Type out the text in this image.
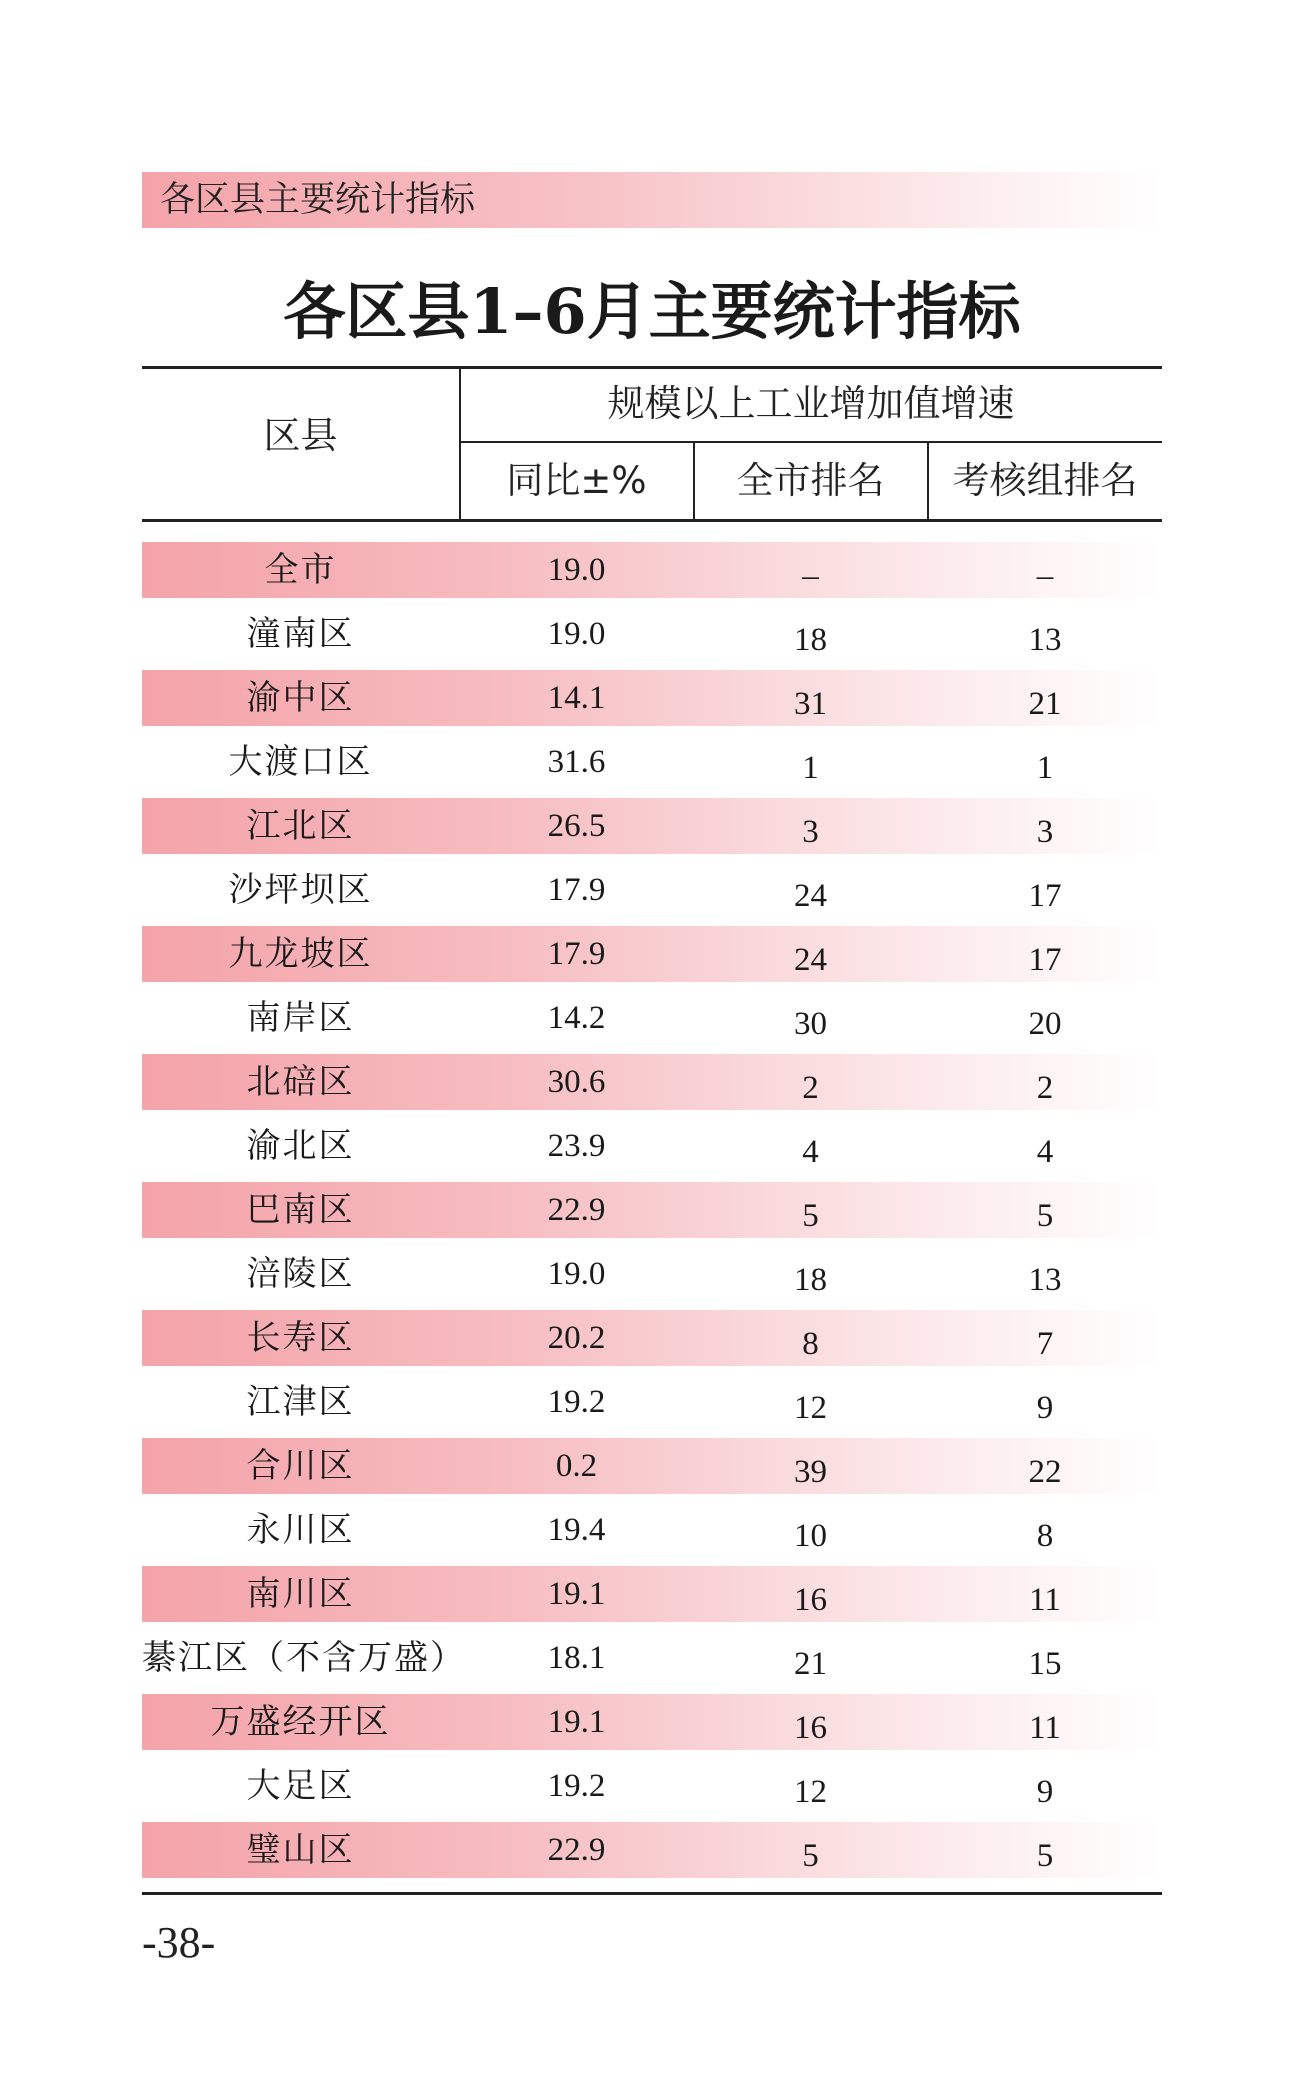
各区县主要统计指标
各区县1–6月主要统计指标
区县
规模以上工业增加值增速
同比±%	全市排名	考核组排名
全市	19.0	–	–
潼南区	19.0	18	13
渝中区	14.1	31	21
大渡口区	31.6	1	1
江北区	26.5	3	3
沙坪坝区	17.9	24	17
九龙坡区	17.9	24	17
南岸区	14.2	30	20
北碚区	30.6	2	2
渝北区	23.9	4	4
巴南区	22.9	5	5
涪陵区	19.0	18	13
长寿区	20.2	8	7
江津区	19.2	12	9
合川区	0.2	39	22
永川区	19.4	10	8
南川区	19.1	16	11
綦江区（不含万盛）	18.1	21	15
万盛经开区	19.1	16	11
大足区	19.2	12	9
璧山区	22.9	5	5
-38-
